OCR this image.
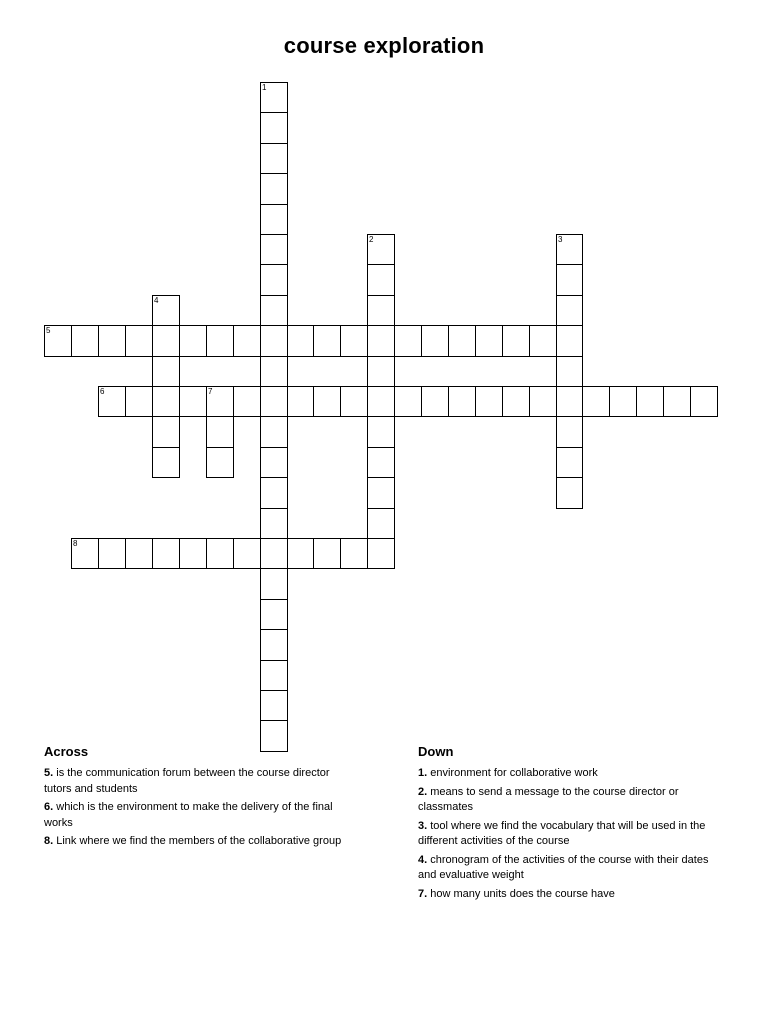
course exploration
1
2	3
4
5
6	7
8
Across
5. is the communication forum between the course director tutors and students
6. which is the environment to make the delivery of the final works
8. Link where we find the members of the collaborative group
Down
1. environment for collaborative work
2. means to send a message to the course director or classmates
3. tool where we find the vocabulary that will be used in the different activities of the course
4. chronogram of the activities of the course with their dates and evaluative weight
7. how many units does the course have
